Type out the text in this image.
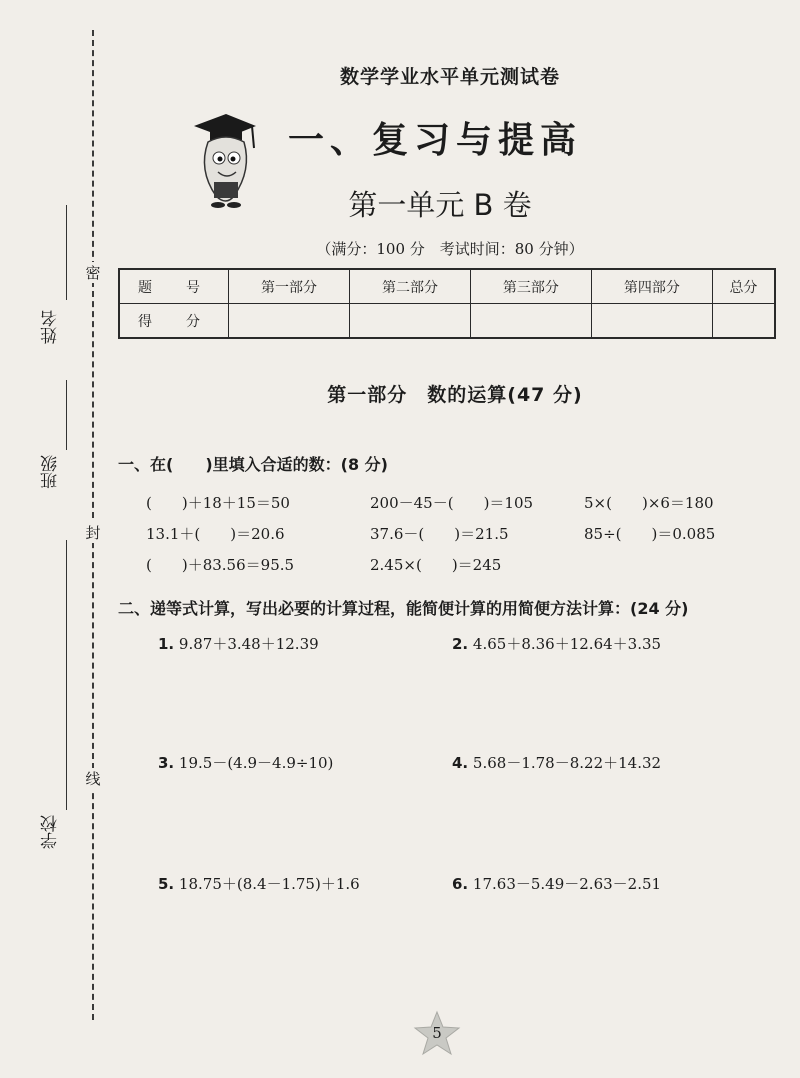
密
封
线
姓名
班级
学校
数学学业水平单元测试卷
一、复习与提高
第一单元 B 卷
（满分：100 分　考试时间：80 分钟）
题　号	第一部分	第二部分	第三部分	第四部分	总分
得　分					
第一部分　数的运算(47 分)
一、在(　　)里填入合适的数：(8 分)
(　　)＋18＋15＝50	200－45－(　　)＝105	5×(　　)×6＝180
13.1＋(　　)＝20.6	37.6－(　　)＝21.5	85÷(　　)＝0.085
(　　)＋83.56＝95.5	2.45×(　　)＝245
二、递等式计算，写出必要的计算过程，能简便计算的用简便方法计算：(24 分)
1. 9.87＋3.48＋12.39	2. 4.65＋8.36＋12.64＋3.35
3. 19.5－(4.9－4.9÷10)	4. 5.68－1.78－8.22＋14.32
5. 18.75＋(8.4－1.75)＋1.6	6. 17.63－5.49－2.63－2.51
5
